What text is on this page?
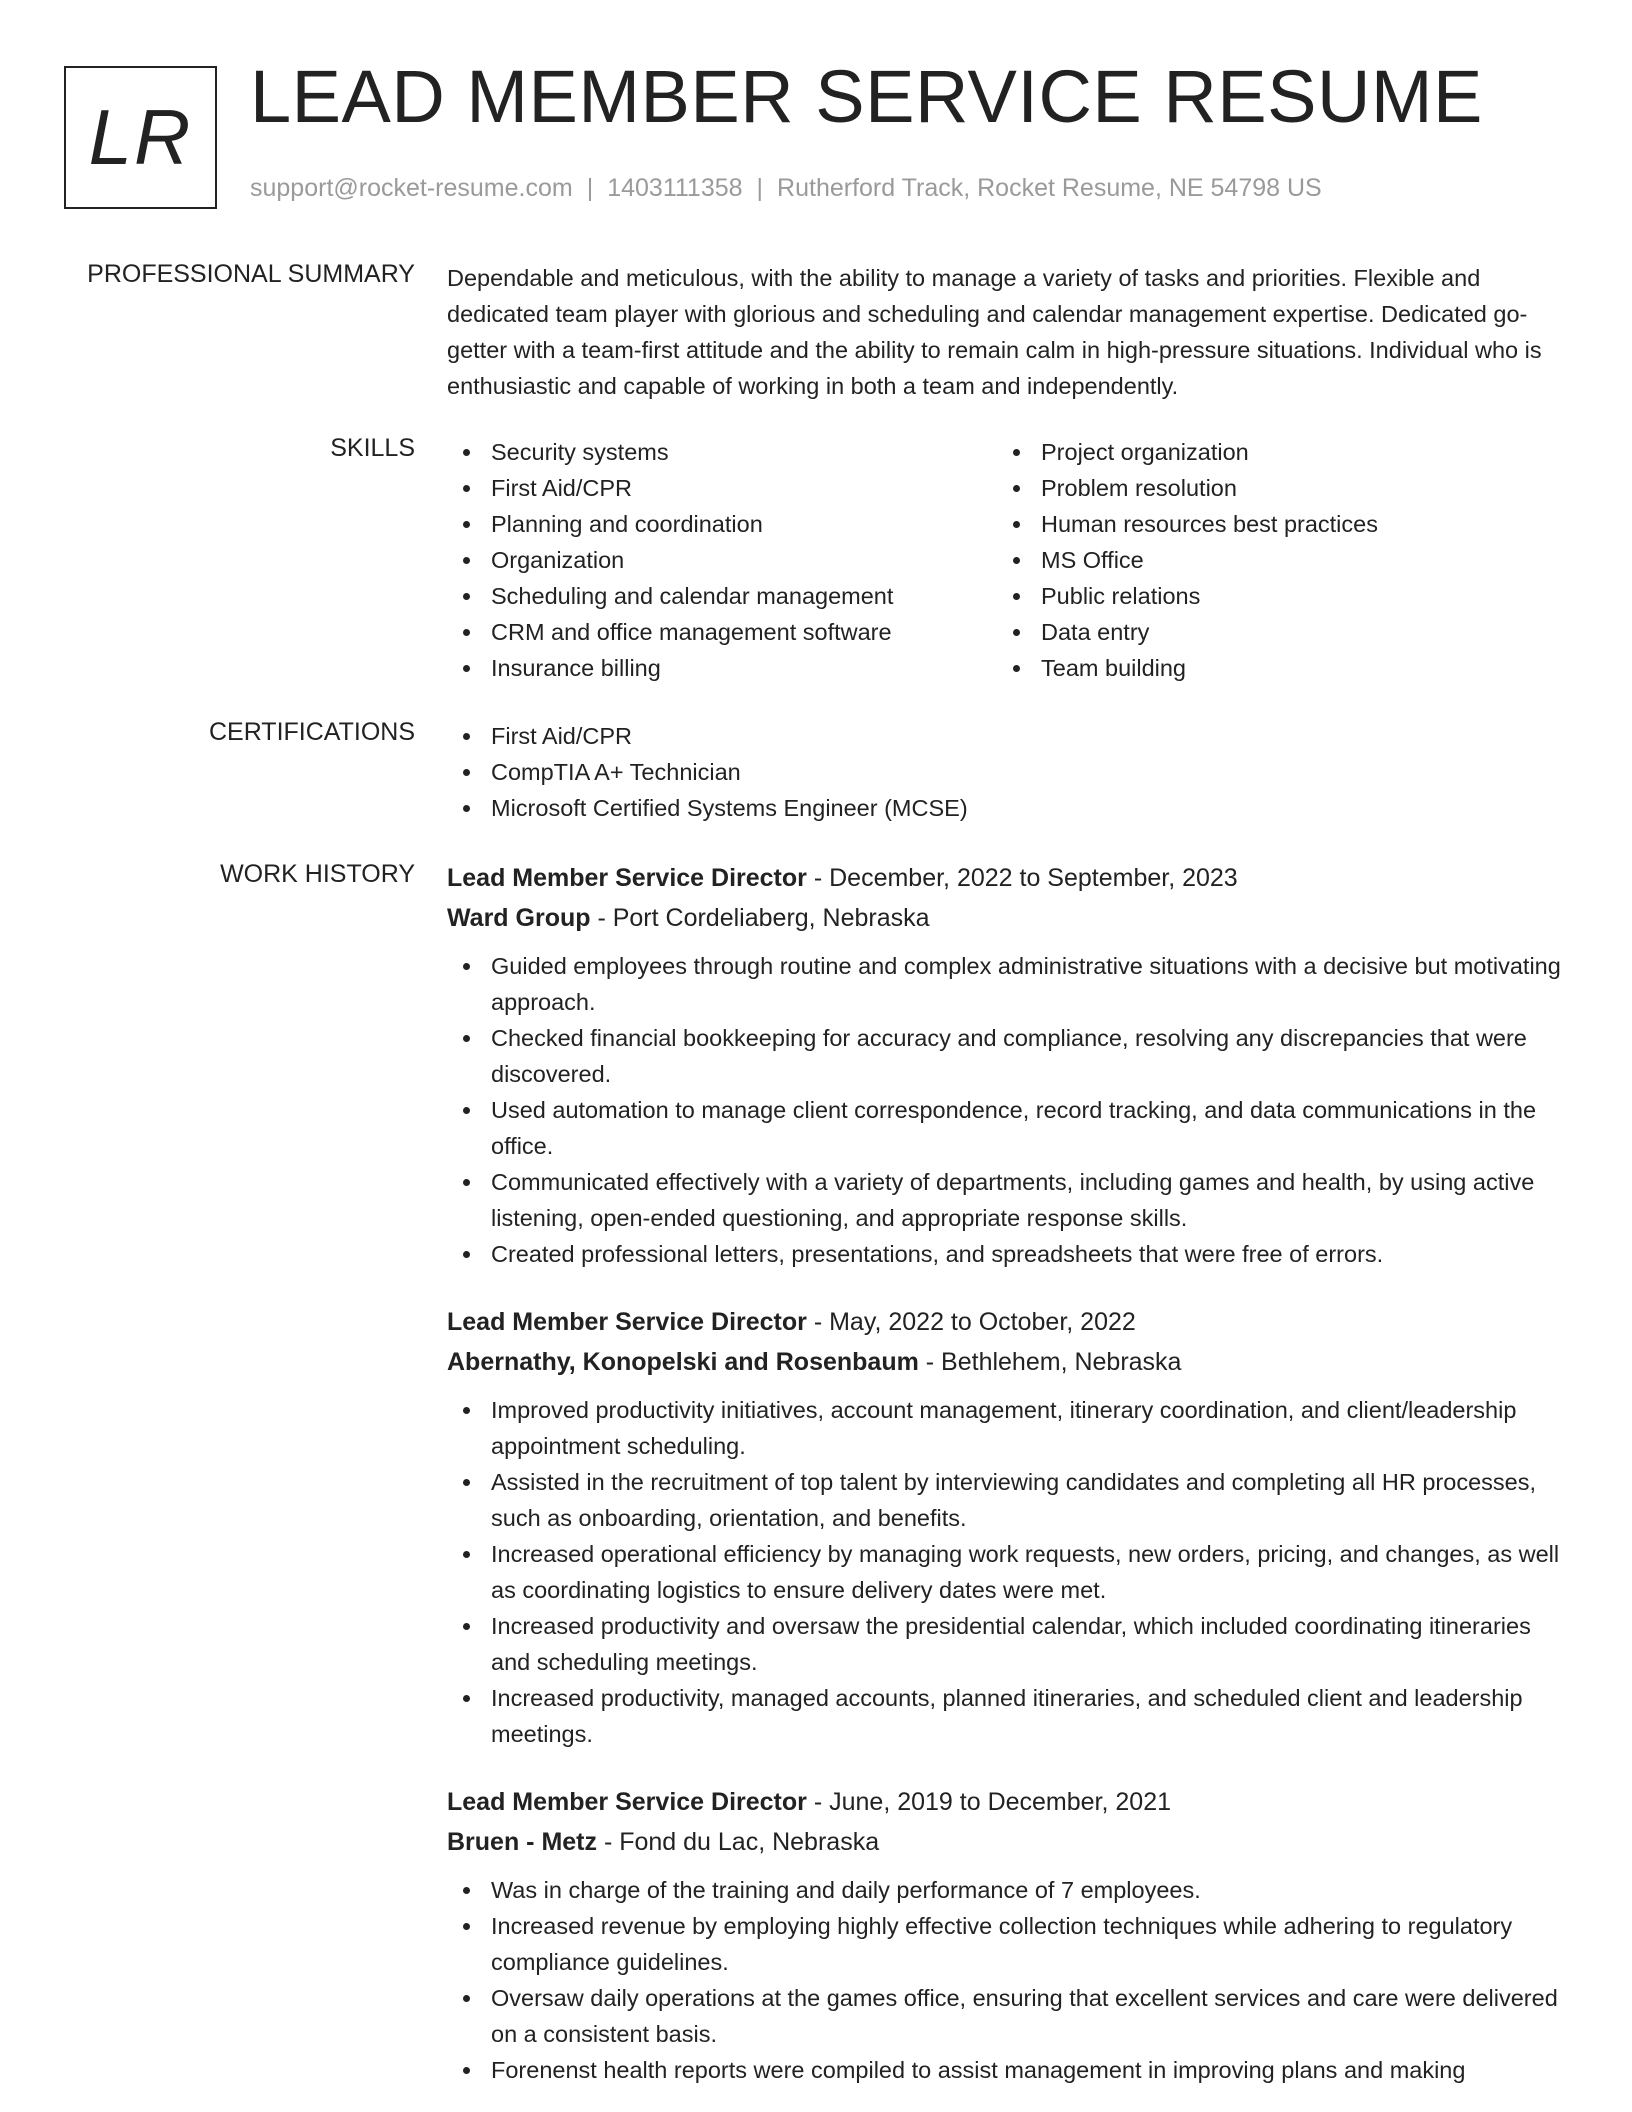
LR LEAD MEMBER SERVICE RESUME
support@rocket-resume.com | 1403111358 | Rutherford Track, Rocket Resume, NE 54798 US
PROFESSIONAL SUMMARY Dependable and meticulous, with the ability to manage a variety of tasks and priorities. Flexible and dedicated team player with glorious and scheduling and calendar management expertise. Dedicated go-getter with a team-first attitude and the ability to remain calm in high-pressure situations. Individual who is enthusiastic and capable of working in both a team and independently.
SKILLS	Security systems
First Aid/CPR
Planning and coordination
Organization
Scheduling and calendar management
CRM and office management software
Insurance billing
Project organization
Problem resolution
Human resources best practices
MS Office
Public relations
Data entry
Team building
CERTIFICATIONS	First Aid/CPR
CompTIA A+ Technician
Microsoft Certified Systems Engineer (MCSE)
WORK HISTORY Lead Member Service Director - December, 2022 to September, 2023
Ward Group - Port Cordeliaberg, Nebraska
Guided employees through routine and complex administrative situations with a decisive but motivating approach.
Checked financial bookkeeping for accuracy and compliance, resolving any discrepancies that were discovered.
Used automation to manage client correspondence, record tracking, and data communications in the office.
Communicated effectively with a variety of departments, including games and health, by using active listening, open-ended questioning, and appropriate response skills.
Created professional letters, presentations, and spreadsheets that were free of errors.
Lead Member Service Director - May, 2022 to October, 2022
Abernathy, Konopelski and Rosenbaum - Bethlehem, Nebraska
Improved productivity initiatives, account management, itinerary coordination, and client/leadership appointment scheduling.
Assisted in the recruitment of top talent by interviewing candidates and completing all HR processes, such as onboarding, orientation, and benefits.
Increased operational efficiency by managing work requests, new orders, pricing, and changes, as well as coordinating logistics to ensure delivery dates were met.
Increased productivity and oversaw the presidential calendar, which included coordinating itineraries and scheduling meetings.
Increased productivity, managed accounts, planned itineraries, and scheduled client and leadership meetings.
Lead Member Service Director - June, 2019 to December, 2021
Bruen - Metz - Fond du Lac, Nebraska
Was in charge of the training and daily performance of 7 employees.
Increased revenue by employing highly effective collection techniques while adhering to regulatory compliance guidelines.
Oversaw daily operations at the games office, ensuring that excellent services and care were delivered on a consistent basis.
Forenenst health reports were compiled to assist management in improving plans and making
